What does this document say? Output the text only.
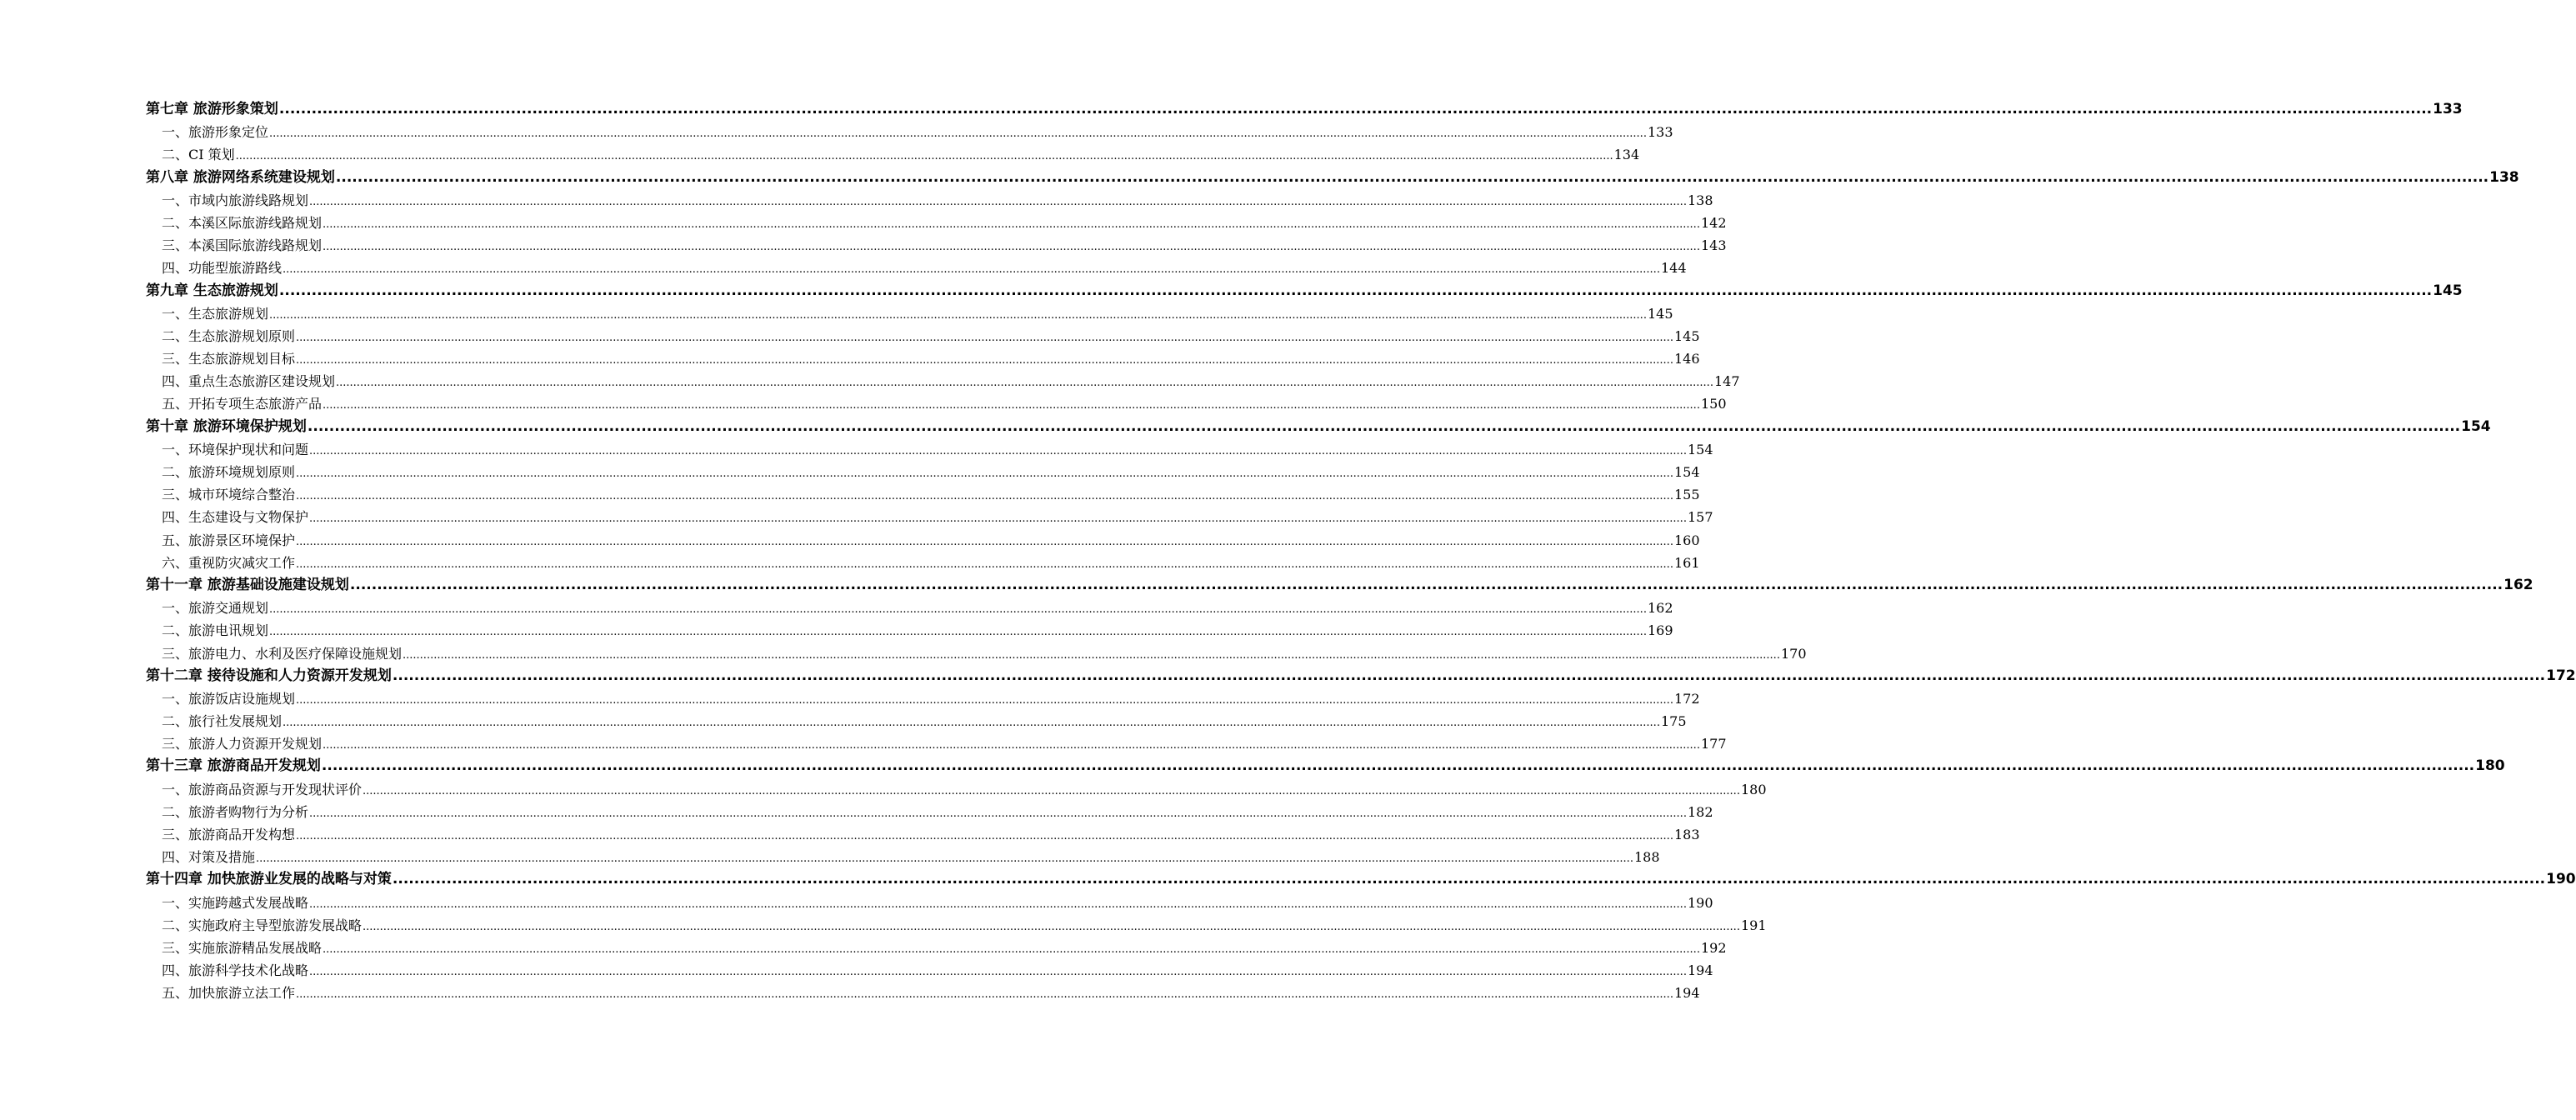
第七章 旅游形象策划 ................................................................................................................................................................................................................................................................................................................................................................................................................ 133
一、旅游形象定位 ................................................................................................................................................................................................................................................................................................................................................................................................................ 133
二、CI 策划 ................................................................................................................................................................................................................................................................................................................................................................................................................ 134
第八章 旅游网络系统建设规划 ................................................................................................................................................................................................................................................................................................................................................................................................................ 138
一、市域内旅游线路规划 ................................................................................................................................................................................................................................................................................................................................................................................................................ 138
二、本溪区际旅游线路规划 ................................................................................................................................................................................................................................................................................................................................................................................................................ 142
三、本溪国际旅游线路规划 ................................................................................................................................................................................................................................................................................................................................................................................................................ 143
四、功能型旅游路线 ................................................................................................................................................................................................................................................................................................................................................................................................................ 144
第九章 生态旅游规划 ................................................................................................................................................................................................................................................................................................................................................................................................................ 145
一、生态旅游规划 ................................................................................................................................................................................................................................................................................................................................................................................................................ 145
二、生态旅游规划原则 ................................................................................................................................................................................................................................................................................................................................................................................................................ 145
三、生态旅游规划目标 ................................................................................................................................................................................................................................................................................................................................................................................................................ 146
四、重点生态旅游区建设规划 ................................................................................................................................................................................................................................................................................................................................................................................................................ 147
五、开拓专项生态旅游产品 ................................................................................................................................................................................................................................................................................................................................................................................................................ 150
第十章 旅游环境保护规划 ................................................................................................................................................................................................................................................................................................................................................................................................................ 154
一、环境保护现状和问题 ................................................................................................................................................................................................................................................................................................................................................................................................................ 154
二、旅游环境规划原则 ................................................................................................................................................................................................................................................................................................................................................................................................................ 154
三、城市环境综合整治 ................................................................................................................................................................................................................................................................................................................................................................................................................ 155
四、生态建设与文物保护 ................................................................................................................................................................................................................................................................................................................................................................................................................ 157
五、旅游景区环境保护 ................................................................................................................................................................................................................................................................................................................................................................................................................ 160
六、重视防灾减灾工作 ................................................................................................................................................................................................................................................................................................................................................................................................................ 161
第十一章 旅游基础设施建设规划 ................................................................................................................................................................................................................................................................................................................................................................................................................ 162
一、旅游交通规划 ................................................................................................................................................................................................................................................................................................................................................................................................................ 162
二、旅游电讯规划 ................................................................................................................................................................................................................................................................................................................................................................................................................ 169
三、旅游电力、水利及医疗保障设施规划 ................................................................................................................................................................................................................................................................................................................................................................................................................ 170
第十二章 接待设施和人力资源开发规划 ................................................................................................................................................................................................................................................................................................................................................................................................................ 172
一、旅游饭店设施规划 ................................................................................................................................................................................................................................................................................................................................................................................................................ 172
二、旅行社发展规划 ................................................................................................................................................................................................................................................................................................................................................................................................................ 175
三、旅游人力资源开发规划 ................................................................................................................................................................................................................................................................................................................................................................................................................ 177
第十三章 旅游商品开发规划 ................................................................................................................................................................................................................................................................................................................................................................................................................ 180
一、旅游商品资源与开发现状评价 ................................................................................................................................................................................................................................................................................................................................................................................................................ 180
二、旅游者购物行为分析 ................................................................................................................................................................................................................................................................................................................................................................................................................ 182
三、旅游商品开发构想 ................................................................................................................................................................................................................................................................................................................................................................................................................ 183
四、对策及措施 ................................................................................................................................................................................................................................................................................................................................................................................................................ 188
第十四章 加快旅游业发展的战略与对策 ................................................................................................................................................................................................................................................................................................................................................................................................................ 190
一、实施跨越式发展战略 ................................................................................................................................................................................................................................................................................................................................................................................................................ 190
二、实施政府主导型旅游发展战略 ................................................................................................................................................................................................................................................................................................................................................................................................................ 191
三、实施旅游精品发展战略 ................................................................................................................................................................................................................................................................................................................................................................................................................ 192
四、旅游科学技术化战略 ................................................................................................................................................................................................................................................................................................................................................................................................................ 194
五、加快旅游立法工作 ................................................................................................................................................................................................................................................................................................................................................................................................................ 194
